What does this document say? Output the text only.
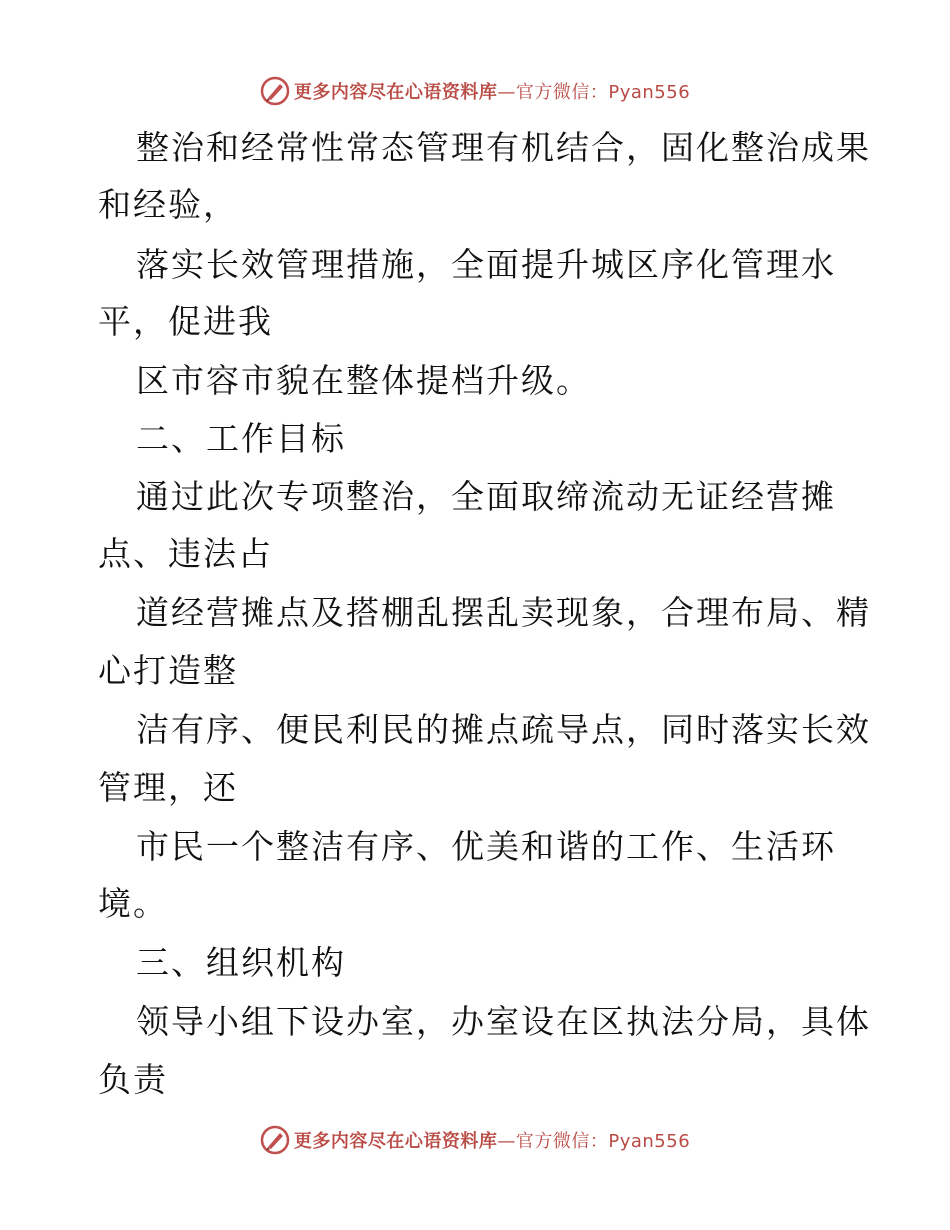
更多内容尽在心语资料库—官方微信：Pyan556
整治和经常性常态管理有机结合，固化整治成果
和经验，
落实长效管理措施，全面提升城区序化管理水
平，促进我
区市容市貌在整体提档升级。
二、工作目标
通过此次专项整治，全面取缔流动无证经营摊
点、违法占
道经营摊点及搭棚乱摆乱卖现象，合理布局、精
心打造整
洁有序、便民利民的摊点疏导点，同时落实长效
管理，还
市民一个整洁有序、优美和谐的工作、生活环
境。
三、组织机构
领导小组下设办室，办室设在区执法分局，具体
负责
更多内容尽在心语资料库—官方微信：Pyan556
